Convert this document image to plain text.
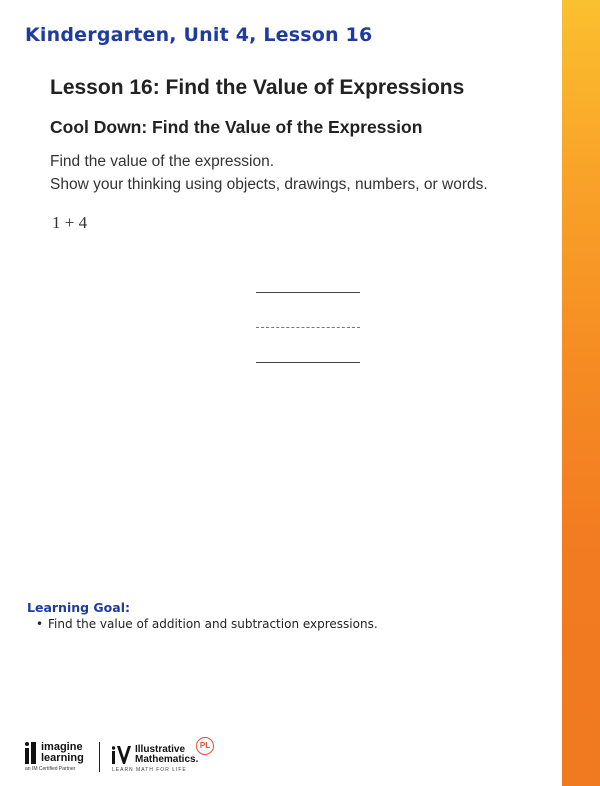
Kindergarten, Unit 4, Lesson 16
Lesson 16: Find the Value of Expressions
Cool Down: Find the Value of the Expression
Find the value of the expression.
Show your thinking using objects, drawings, numbers, or words.
1 + 4
Learning Goal:
• Find the value of addition and subtraction expressions.
imagine
learning
an IM Certified Partner
Illustrative
Mathematics.
PL
LEARN MATH FOR LIFE
